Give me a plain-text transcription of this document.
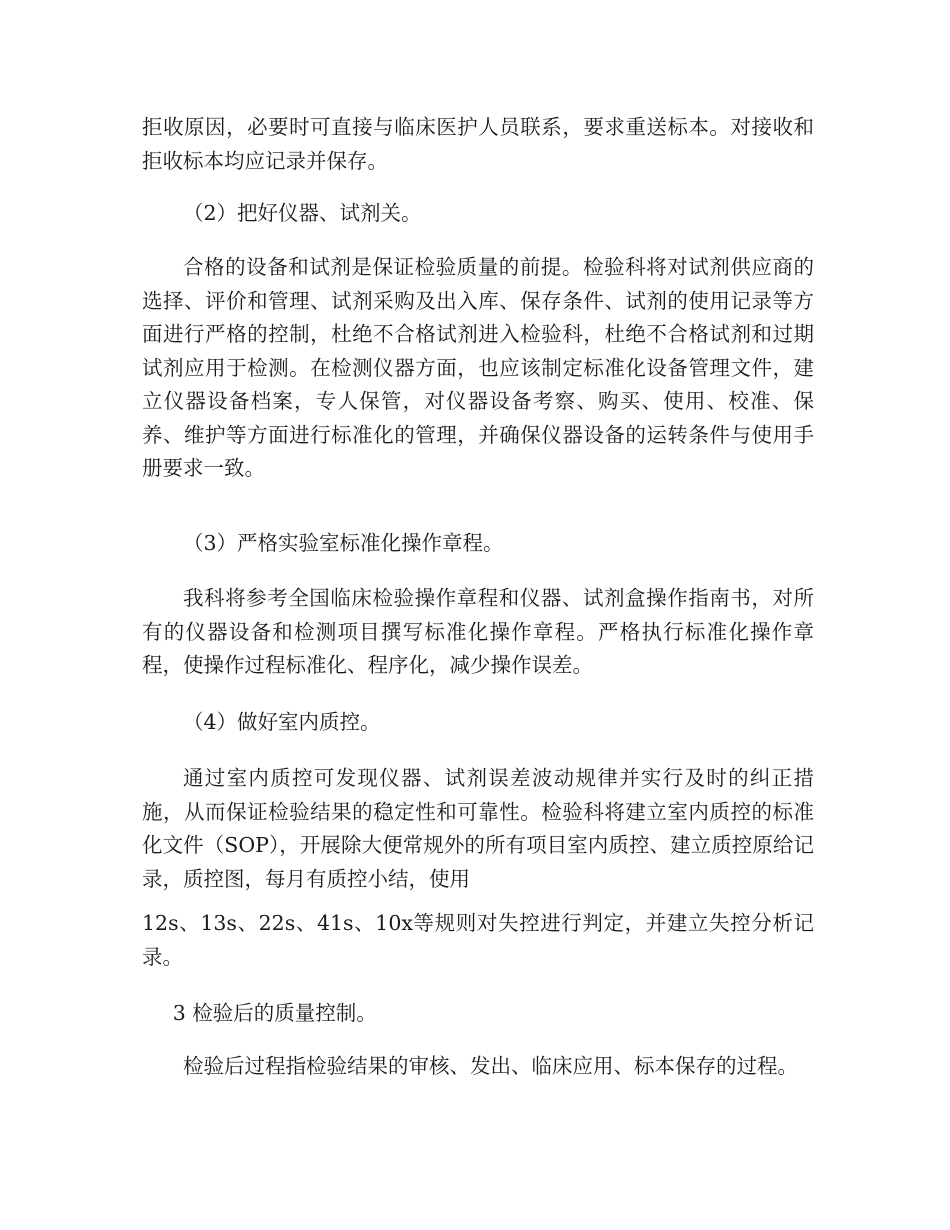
拒收原因，必要时可直接与临床医护人员联系，要求重送标本。对接收和拒收标本均应记录并保存。

（2）把好仪器、试剂关。

合格的设备和试剂是保证检验质量的前提。检验科将对试剂供应商的选择、评价和管理、试剂采购及出入库、保存条件、试剂的使用记录等方面进行严格的控制，杜绝不合格试剂进入检验科，杜绝不合格试剂和过期试剂应用于检测。在检测仪器方面，也应该制定标准化设备管理文件，建立仪器设备档案，专人保管，对仪器设备考察、购买、使用、校准、保养、维护等方面进行标准化的管理，并确保仪器设备的运转条件与使用手册要求一致。

（3）严格实验室标准化操作章程。

我科将参考全国临床检验操作章程和仪器、试剂盒操作指南书，对所有的仪器设备和检测项目撰写标准化操作章程。严格执行标准化操作章程，使操作过程标准化、程序化，减少操作误差。

（4）做好室内质控。

通过室内质控可发现仪器、试剂误差波动规律并实行及时的纠正措施，从而保证检验结果的稳定性和可靠性。检验科将建立室内质控的标准化文件（SOP），开展除大便常规外的所有项目室内质控、建立质控原给记录，质控图，每月有质控小结，使用

12s、13s、22s、41s、10x等规则对失控进行判定，并建立失控分析记录。

3 检验后的质量控制。

检验后过程指检验结果的审核、发出、临床应用、标本保存的过程。
